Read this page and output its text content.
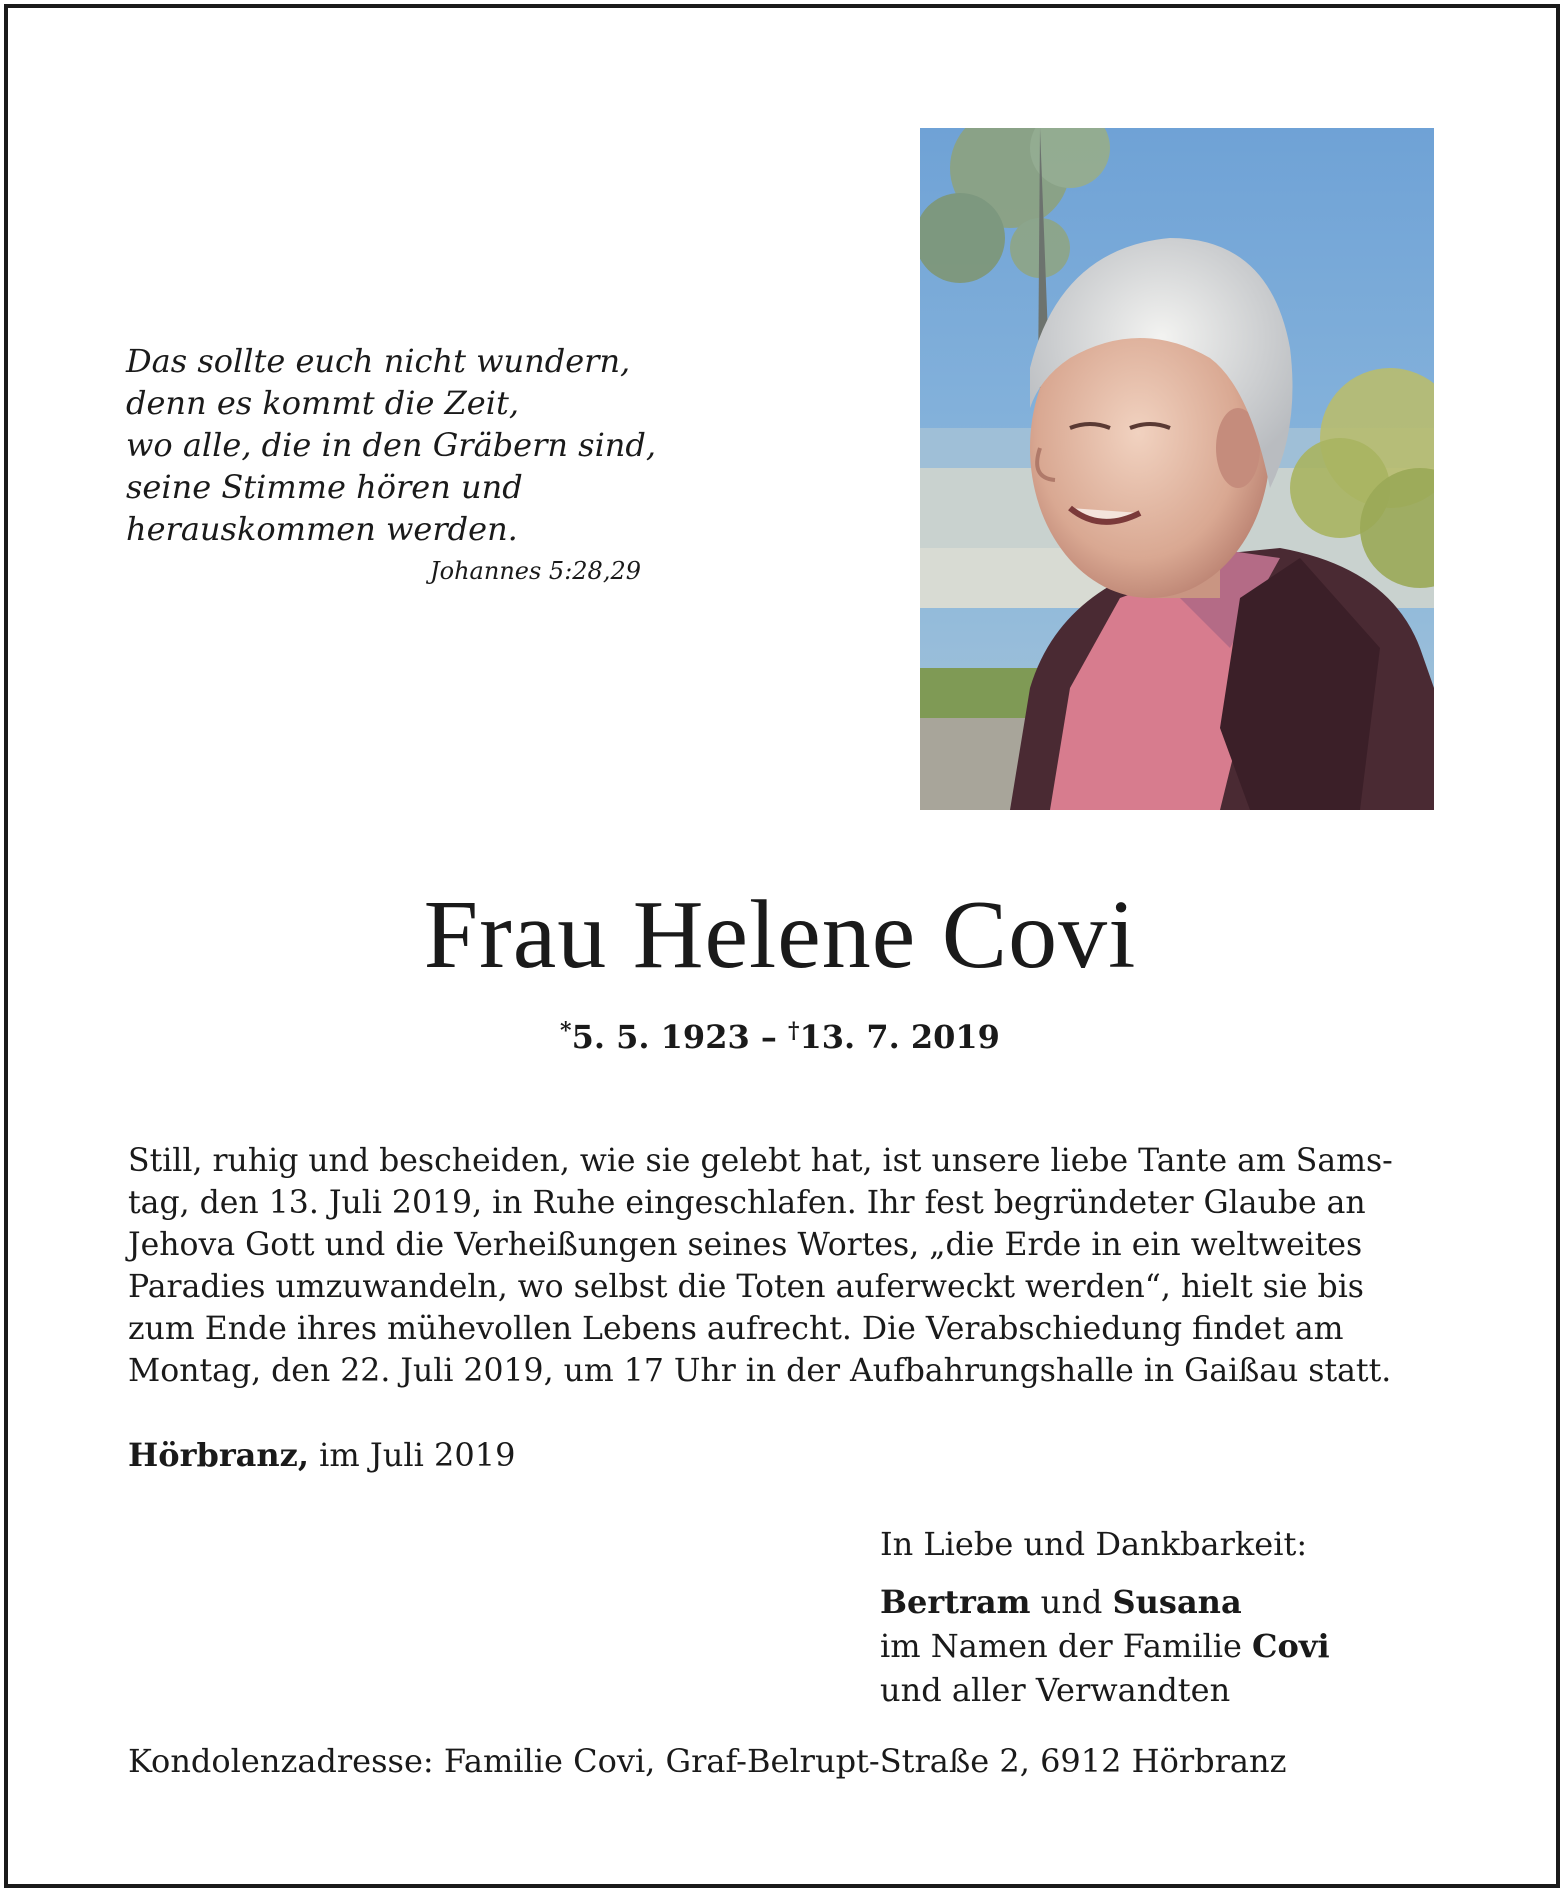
Das sollte euch nicht wundern,
denn es kommt die Zeit,
wo alle, die in den Gräbern sind,
seine Stimme hören und
herauskommen werden.
Johannes 5:28,29
Frau Helene Covi
*5. 5. 1923 – †13. 7. 2019
Still, ruhig und bescheiden, wie sie gelebt hat, ist unsere liebe Tante am Sams-
tag, den 13. Juli 2019, in Ruhe eingeschlafen. Ihr fest begründeter Glaube an
Jehova Gott und die Verheißungen seines Wortes, „die Erde in ein weltweites
Paradies umzuwandeln, wo selbst die Toten auferweckt werden“, hielt sie bis
zum Ende ihres mühevollen Lebens aufrecht. Die Verabschiedung findet am
Montag, den 22. Juli 2019, um 17 Uhr in der Aufbahrungshalle in Gaißau statt.
Hörbranz, im Juli 2019
In Liebe und Dankbarkeit:
Bertram und Susana
im Namen der Familie Covi
und aller Verwandten
Kondolenzadresse: Familie Covi, Graf-Belrupt-Straße 2, 6912 Hörbranz
